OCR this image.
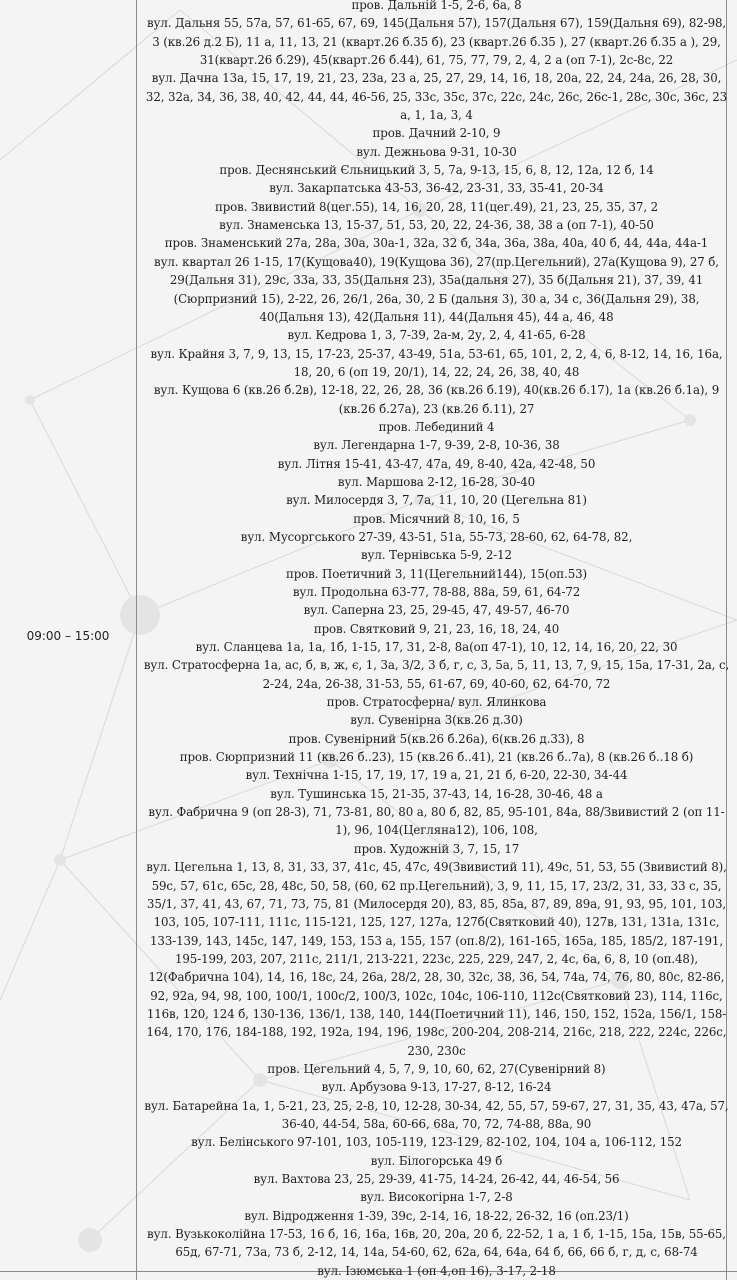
09:00 – 15:00
пров. Дальній 1-5, 2-6, 6а, 8
вул. Дальня 55, 57а, 57, 61-65, 67, 69, 145(Дальня 57), 157(Дальня 67), 159(Дальня 69), 82-98, 3 (кв.26 д.2 Б), 11 а, 11, 13, 21 (кварт.26 б.35 б), 23 (кварт.26 б.35 ), 27 (кварт.26 б.35 а ), 29, 31(кварт.26 б.29), 45(кварт.26 б.44), 61, 75, 77, 79, 2, 4, 2 а (оп 7-1), 2с-8с, 22
вул. Дачна 13а, 15, 17, 19, 21, 23, 23а, 23 а, 25, 27, 29, 14, 16, 18, 20а, 22, 24, 24а, 26, 28, 30, 32, 32а, 34, 36, 38, 40, 42, 44, 44, 46-56, 25, 33с, 35с, 37с, 22с, 24с, 26с, 26с-1, 28с, 30с, 36с, 23 а, 1, 1а, 3, 4
пров. Дачний 2-10, 9
вул. Дежньова 9-31, 10-30
пров. Деснянський Єльницький 3, 5, 7а, 9-13, 15, 6, 8, 12, 12а, 12 б, 14
вул. Закарпатська 43-53, 36-42, 23-31, 33, 35-41, 20-34
пров. Звивистий 8(цег.55), 14, 16, 20, 28, 11(цег.49), 21, 23, 25, 35, 37, 2
вул. Знаменська 13, 15-37, 51, 53, 20, 22, 24-36, 38, 38 а (оп 7-1), 40-50
пров. Знаменський 27а, 28а, 30а, 30а-1, 32а, 32 б, 34а, 36а, 38а, 40а, 40 б, 44, 44а, 44а-1
вул. квартал 26 1-15, 17(Кущова40), 19(Кущова 36), 27(пр.Цегельний), 27а(Кущова 9), 27 б, 29(Дальня 31), 29с, 33а, 33, 35(Дальня 23), 35а(дальня 27), 35 б(Дальня 21), 37, 39, 41 (Сюрпризний 15), 2-22, 26, 26/1, 26а, 30, 2 Б (дальня 3), 30 а, 34 с, 36(Дальня 29), 38, 40(Дальня 13), 42(Дальня 11), 44(Дальня 45), 44 а, 46, 48
вул. Кедрова 1, 3, 7-39, 2а-м, 2у, 2, 4, 41-65, 6-28
вул. Крайня 3, 7, 9, 13, 15, 17-23, 25-37, 43-49, 51а, 53-61, 65, 101, 2, 2, 4, 6, 8-12, 14, 16, 16а, 18, 20, 6 (оп 19, 20/1), 14, 22, 24, 26, 38, 40, 48
вул. Кущова 6 (кв.26 б.2в), 12-18, 22, 26, 28, 36 (кв.26 б.19), 40(кв.26 б.17), 1а (кв.26 б.1а), 9 (кв.26 б.27а), 23 (кв.26 б.11), 27
пров. Лебединий 4
вул. Легендарна 1-7, 9-39, 2-8, 10-36, 38
вул. Літня 15-41, 43-47, 47а, 49, 8-40, 42а, 42-48, 50
вул. Маршова 2-12, 16-28, 30-40
вул. Милосердя 3, 7, 7а, 11, 10, 20 (Цегельна 81)
пров. Місячний 8, 10, 16, 5
вул. Мусоргського 27-39, 43-51, 51а, 55-73, 28-60, 62, 64-78, 82,
вул. Тернівська 5-9, 2-12
пров. Поетичний 3, 11(Цегельний144), 15(оп.53)
вул. Продольна 63-77, 78-88, 88а, 59, 61, 64-72
вул. Саперна 23, 25, 29-45, 47, 49-57, 46-70
пров. Святковий 9, 21, 23, 16, 18, 24, 40
вул. Сланцева 1а, 1а, 1б, 1-15, 17, 31, 2-8, 8а(оп 47-1), 10, 12, 14, 16, 20, 22, 30
вул. Стратосферна 1а, ас, б, в, ж, є, 1, 3а, 3/2, 3 б, г, с, 3, 5а, 5, 11, 13, 7, 9, 15, 15а, 17-31, 2а, с, 2-24, 24а, 26-38, 31-53, 55, 61-67, 69, 40-60, 62, 64-70, 72
пров. Стратосферна/ вул. Ялинкова
вул. Сувенірна 3(кв.26 д.30)
пров. Сувенірний 5(кв.26 б.26а), 6(кв.26 д.33), 8
пров. Сюрпризний 11 (кв.26 б..23), 15 (кв.26 б..41), 21 (кв.26 б..7а), 8 (кв.26 б..18 б)
вул. Технічна 1-15, 17, 19, 17, 19 а, 21, 21 б, 6-20, 22-30, 34-44
вул. Тушинська 15, 21-35, 37-43, 14, 16-28, 30-46, 48 а
вул. Фабрична 9 (оп 28-3), 71, 73-81, 80, 80 а, 80 б, 82, 85, 95-101, 84а, 88/Звивистий 2 (оп 11-1), 96, 104(Цегляна12), 106, 108,
пров. Художній 3, 7, 15, 17
вул. Цегельна 1, 13, 8, 31, 33, 37, 41с, 45, 47с, 49(Звивистий 11), 49с, 51, 53, 55 (Звивистий 8), 59с, 57, 61с, 65с, 28, 48с, 50, 58, (60, 62 пр.Цегельний), 3, 9, 11, 15, 17, 23/2, 31, 33, 33 с, 35, 35/1, 37, 41, 43, 67, 71, 73, 75, 81 (Милосердя 20), 83, 85, 85а, 87, 89, 89а, 91, 93, 95, 101, 103, 103, 105, 107-111, 111с, 115-121, 125, 127, 127а, 127б(Святковий 40), 127в, 131, 131а, 131с, 133-139, 143, 145с, 147, 149, 153, 153 а, 155, 157 (оп.8/2), 161-165, 165а, 185, 185/2, 187-191, 195-199, 203, 207, 211с, 211/1, 213-221, 223с, 225, 229, 247, 2, 4с, 6а, 6, 8, 10 (оп.48), 12(Фабрична 104), 14, 16, 18с, 24, 26а, 28/2, 28, 30, 32с, 38, 36, 54, 74а, 74, 76, 80, 80с, 82-86, 92, 92а, 94, 98, 100, 100/1, 100с/2, 100/3, 102с, 104с, 106-110, 112с(Святковий 23), 114, 116с, 116в, 120, 124 б, 130-136, 136/1, 138, 140, 144(Поетичний 11), 146, 150, 152, 152а, 156/1, 158-164, 170, 176, 184-188, 192, 192а, 194, 196, 198с, 200-204, 208-214, 216с, 218, 222, 224с, 226с, 230, 230с
пров. Цегельний 4, 5, 7, 9, 10, 60, 62, 27(Сувенірний 8)
вул. Арбузова 9-13, 17-27, 8-12, 16-24
вул. Батарейна 1а, 1, 5-21, 23, 25, 2-8, 10, 12-28, 30-34, 42, 55, 57, 59-67, 27, 31, 35, 43, 47а, 57, 36-40, 44-54, 58а, 60-66, 68а, 70, 72, 74-88, 88а, 90
вул. Белінського 97-101, 103, 105-119, 123-129, 82-102, 104, 104 а, 106-112, 152
вул. Білогорська 49 б
вул. Вахтова 23, 25, 29-39, 41-75, 14-24, 26-42, 44, 46-54, 56
вул. Високогірна 1-7, 2-8
вул. Відродження 1-39, 39с, 2-14, 16, 18-22, 26-32, 16 (оп.23/1)
вул. Вузькоколійна 17-53, 16 б, 16, 16а, 16в, 20, 20а, 20 б, 22-52, 1 а, 1 б, 1-15, 15а, 15в, 55-65, 65д, 67-71, 73а, 73 б, 2-12, 14, 14а, 54-60, 62, 62а, 64, 64а, 64 б, 66, 66 б, г, д, с, 68-74
вул. Ізюмська 1 (оп 4,оп 16), 3-17, 2-18
